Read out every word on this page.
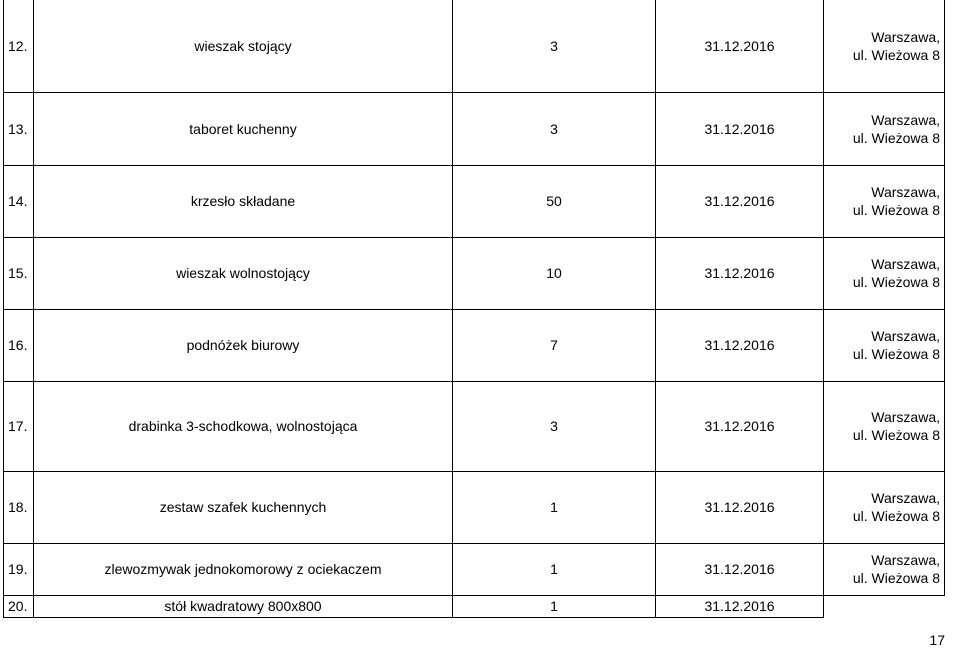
12.	wieszak stojący	3	31.12.2016	Warszawa,
ul. Wieżowa 8

13.	taboret kuchenny	3	31.12.2016	Warszawa,
ul. Wieżowa 8

14.	krzesło składane	50	31.12.2016	Warszawa,
ul. Wieżowa 8

15.	wieszak wolnostojący	10	31.12.2016	Warszawa,
ul. Wieżowa 8

16.	podnóżek biurowy	7	31.12.2016	Warszawa,
ul. Wieżowa 8

17.	drabinka 3-schodkowa, wolnostojąca	3	31.12.2016	Warszawa,
ul. Wieżowa 8

18.	zestaw szafek kuchennych	1	31.12.2016	Warszawa,
ul. Wieżowa 8

19.	zlewozmywak jednokomorowy z ociekaczem	1	31.12.2016	Warszawa,
ul. Wieżowa 8

20.	stół kwadratowy 800x800	1	31.12.2016	
17
